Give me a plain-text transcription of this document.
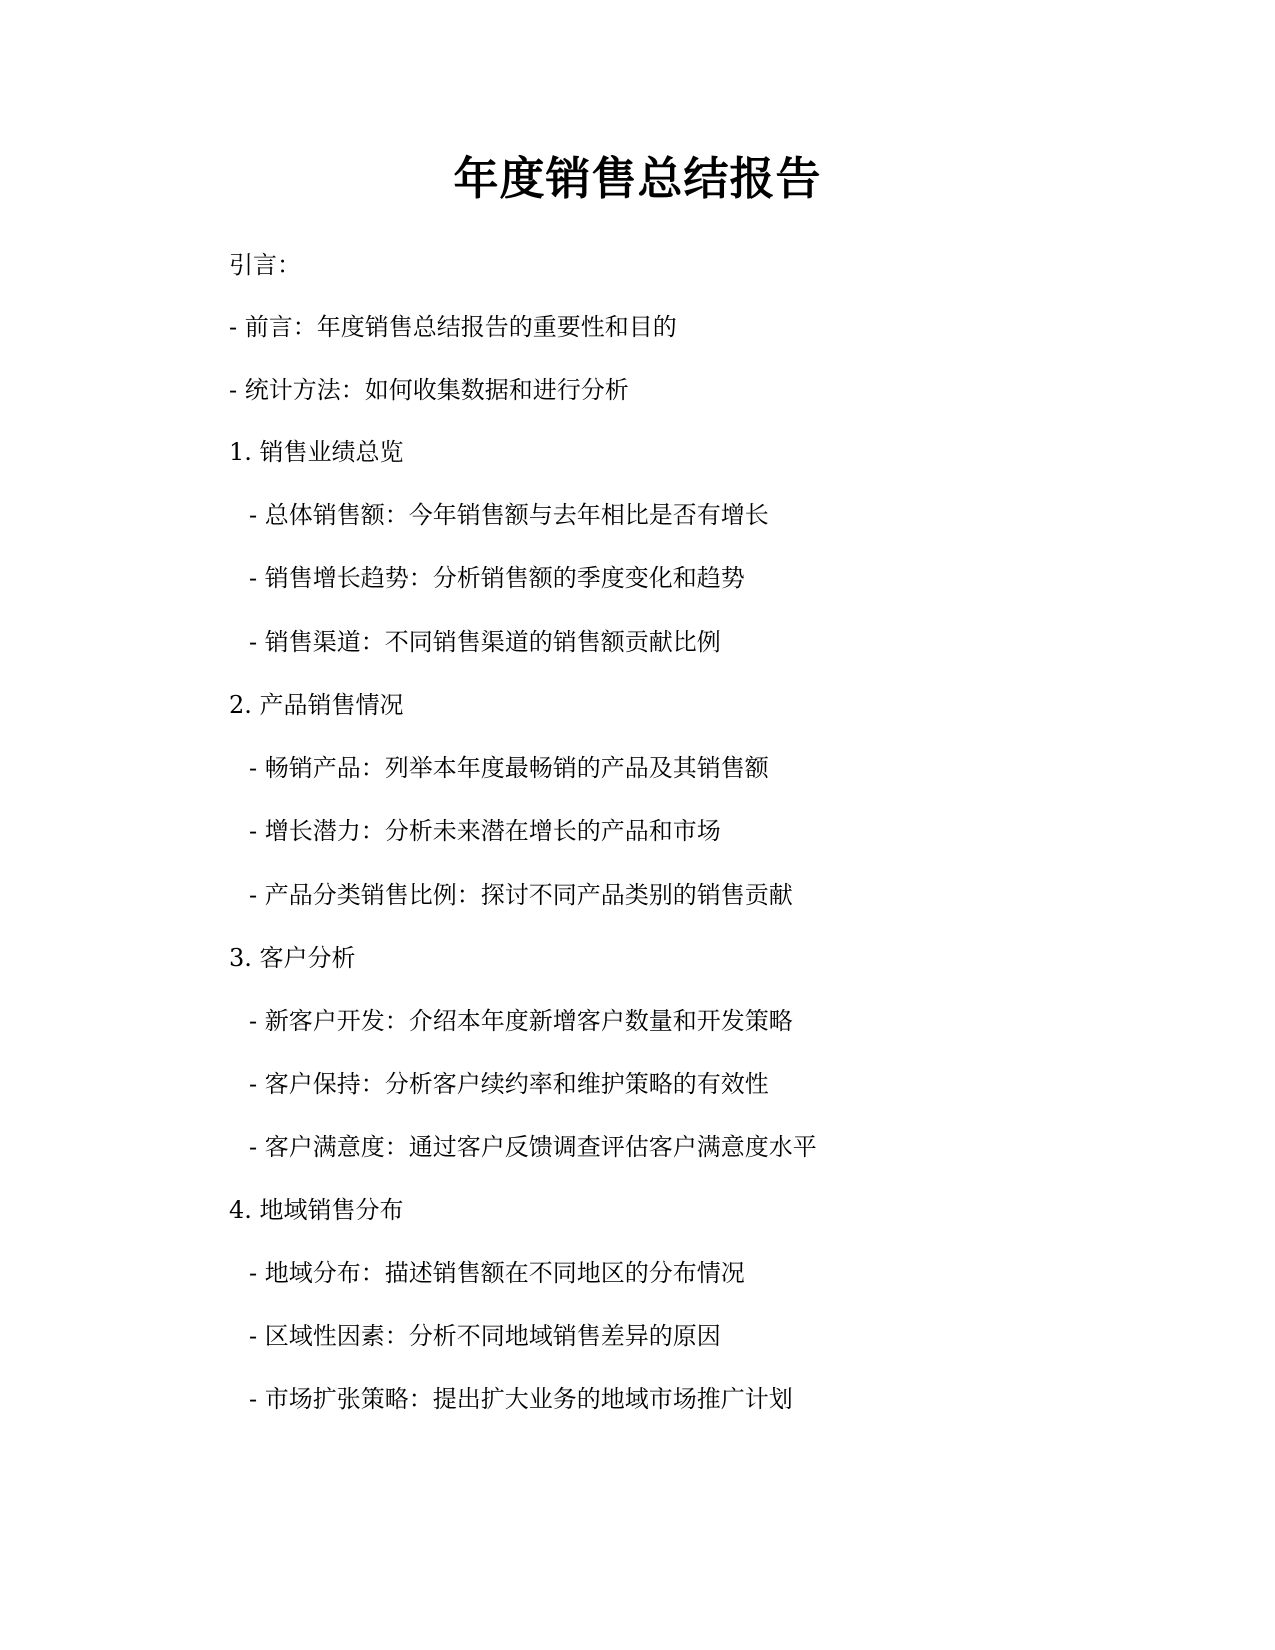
年度销售总结报告
引言：
- 前言：年度销售总结报告的重要性和目的
- 统计方法：如何收集数据和进行分析
1. 销售业绩总览
- 总体销售额：今年销售额与去年相比是否有增长
- 销售增长趋势：分析销售额的季度变化和趋势
- 销售渠道：不同销售渠道的销售额贡献比例
2. 产品销售情况
- 畅销产品：列举本年度最畅销的产品及其销售额
- 增长潜力：分析未来潜在增长的产品和市场
- 产品分类销售比例：探讨不同产品类别的销售贡献
3. 客户分析
- 新客户开发：介绍本年度新增客户数量和开发策略
- 客户保持：分析客户续约率和维护策略的有效性
- 客户满意度：通过客户反馈调查评估客户满意度水平
4. 地域销售分布
- 地域分布：描述销售额在不同地区的分布情况
- 区域性因素：分析不同地域销售差异的原因
- 市场扩张策略：提出扩大业务的地域市场推广计划
